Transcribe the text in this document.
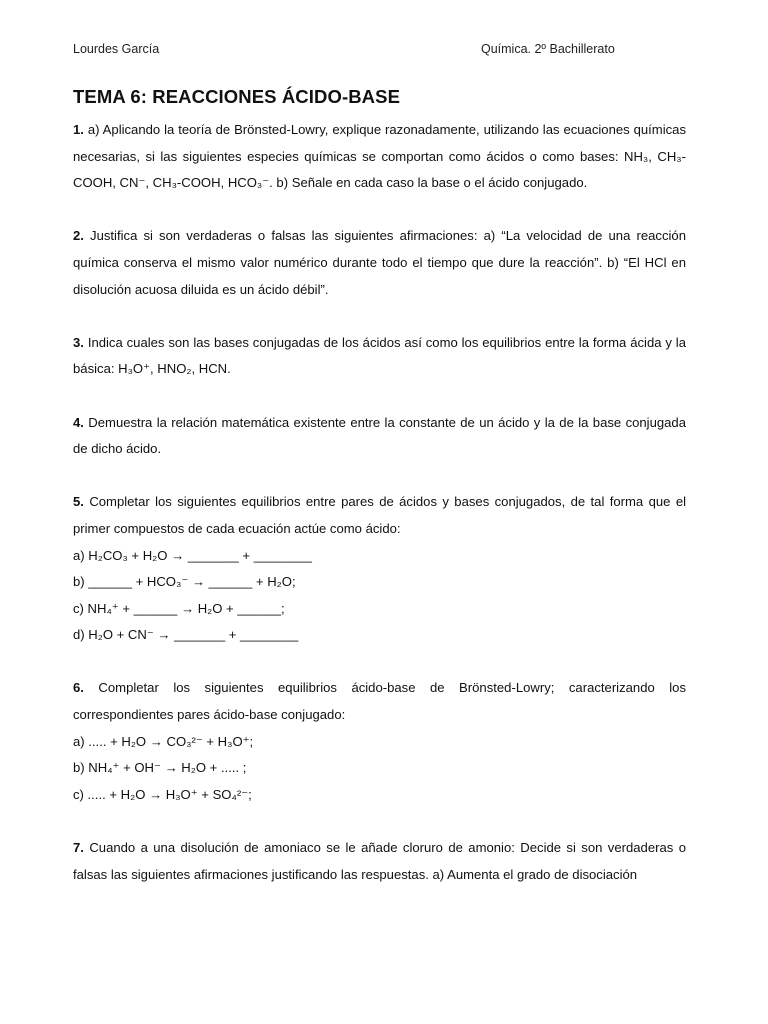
Lourdes García	Química. 2º Bachillerato
TEMA 6: REACCIONES ÁCIDO-BASE

1. a) Aplicando la teoría de Brönsted-Lowry, explique razonadamente, utilizando las ecuaciones químicas necesarias, si las siguientes especies químicas se comportan como ácidos o como bases: NH₃, CH₃-COOH, CN⁻, CH₃-COOH, HCO₃⁻. b) Señale en cada caso la base o el ácido conjugado.

2. Justifica si son verdaderas o falsas las siguientes afirmaciones: a) “La velocidad de una reacción química conserva el mismo valor numérico durante todo el tiempo que dure la reacción”. b) “El HCl en disolución acuosa diluida es un ácido débil”.

3. Indica cuales son las bases conjugadas de los ácidos así como los equilibrios entre la forma ácida y la básica: H₃O⁺, HNO₂, HCN.

4. Demuestra la relación matemática existente entre la constante de un ácido y la de la base conjugada de dicho ácido.

5. Completar los siguientes equilibrios entre pares de ácidos y bases conjugados, de tal forma que el primer compuestos de cada ecuación actúe como ácido:

a) H₂CO₃ + H₂O → _______ + ________

b) ______ + HCO₃⁻ → ______ + H₂O;

c) NH₄⁺ + ______ → H₂O + ______;

d) H₂O + CN⁻ → _______ + ________

6. Completar los siguientes equilibrios ácido-base de Brönsted-Lowry; caracterizando los correspondientes pares ácido-base conjugado:

a) ..... + H₂O → CO₃²⁻ + H₃O⁺;

b) NH₄⁺ + OH⁻ → H₂O + ..... ;

c) ..... + H₂O → H₃O⁺ + SO₄²⁻;

7. Cuando a una disolución de amoniaco se le añade cloruro de amonio: Decide si son verdaderas o falsas las siguientes afirmaciones justificando las respuestas. a) Aumenta el grado de disociación
